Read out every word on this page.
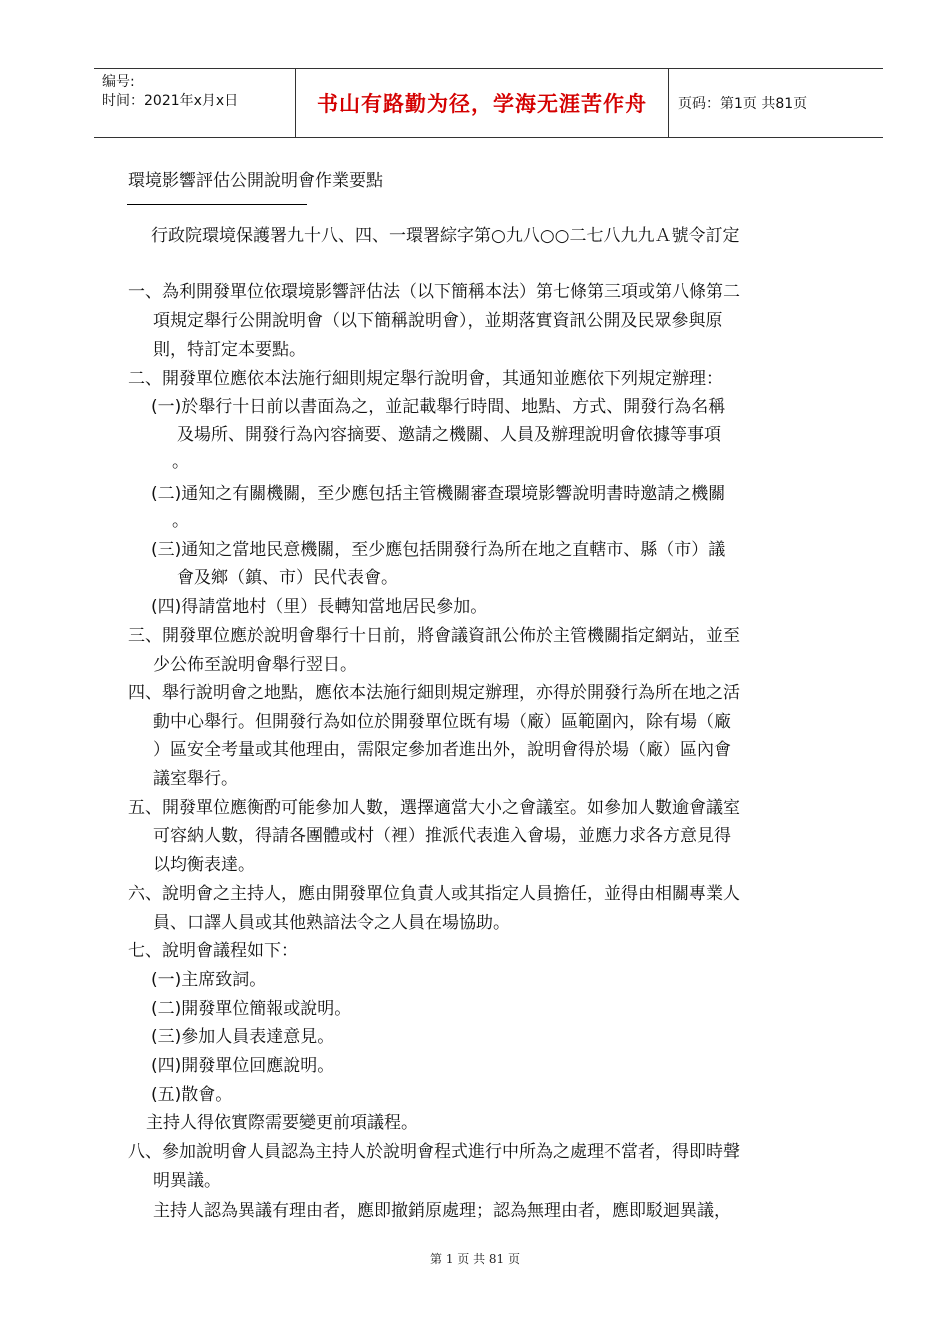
编号:
时间：2021年x月x日	书山有路勤为径，学海无涯苦作舟	页码：第1页 共81页
環境影響評估公開說明會作業要點
行政院環境保護署九十八、四、一環署綜字第○九八○○二七八九九Ａ號令訂定
一、為利開發單位依環境影響評估法（以下簡稱本法）第七條第三項或第八條第二
項規定舉行公開說明會（以下簡稱說明會），並期落實資訊公開及民眾參與原
則，特訂定本要點。
二、開發單位應依本法施行細則規定舉行說明會，其通知並應依下列規定辦理：
(一)於舉行十日前以書面為之，並記載舉行時間、地點、方式、開發行為名稱
及場所、開發行為內容摘要、邀請之機關、人員及辦理說明會依據等事項
。
(二)通知之有關機關，至少應包括主管機關審查環境影響說明書時邀請之機關
。
(三)通知之當地民意機關，至少應包括開發行為所在地之直轄市、縣（市）議
會及鄉（鎮、市）民代表會。
(四)得請當地村（里）長轉知當地居民參加。
三、開發單位應於說明會舉行十日前，將會議資訊公佈於主管機關指定網站，並至
少公佈至說明會舉行翌日。
四、舉行說明會之地點，應依本法施行細則規定辦理，亦得於開發行為所在地之活
動中心舉行。但開發行為如位於開發單位既有場（廠）區範圍內，除有場（廠
）區安全考量或其他理由，需限定參加者進出外，說明會得於場（廠）區內會
議室舉行。
五、開發單位應衡酌可能參加人數，選擇適當大小之會議室。如參加人數逾會議室
可容納人數，得請各團體或村（裡）推派代表進入會場，並應力求各方意見得
以均衡表達。
六、說明會之主持人，應由開發單位負責人或其指定人員擔任，並得由相關專業人
員、口譯人員或其他熟諳法令之人員在場協助。
七、說明會議程如下：
(一)主席致詞。
(二)開發單位簡報或說明。
(三)參加人員表達意見。
(四)開發單位回應說明。
(五)散會。
主持人得依實際需要變更前項議程。
八、參加說明會人員認為主持人於說明會程式進行中所為之處理不當者，得即時聲
明異議。
主持人認為異議有理由者，應即撤銷原處理；認為無理由者，應即駁迴異議，
第 1 页 共 81 页
